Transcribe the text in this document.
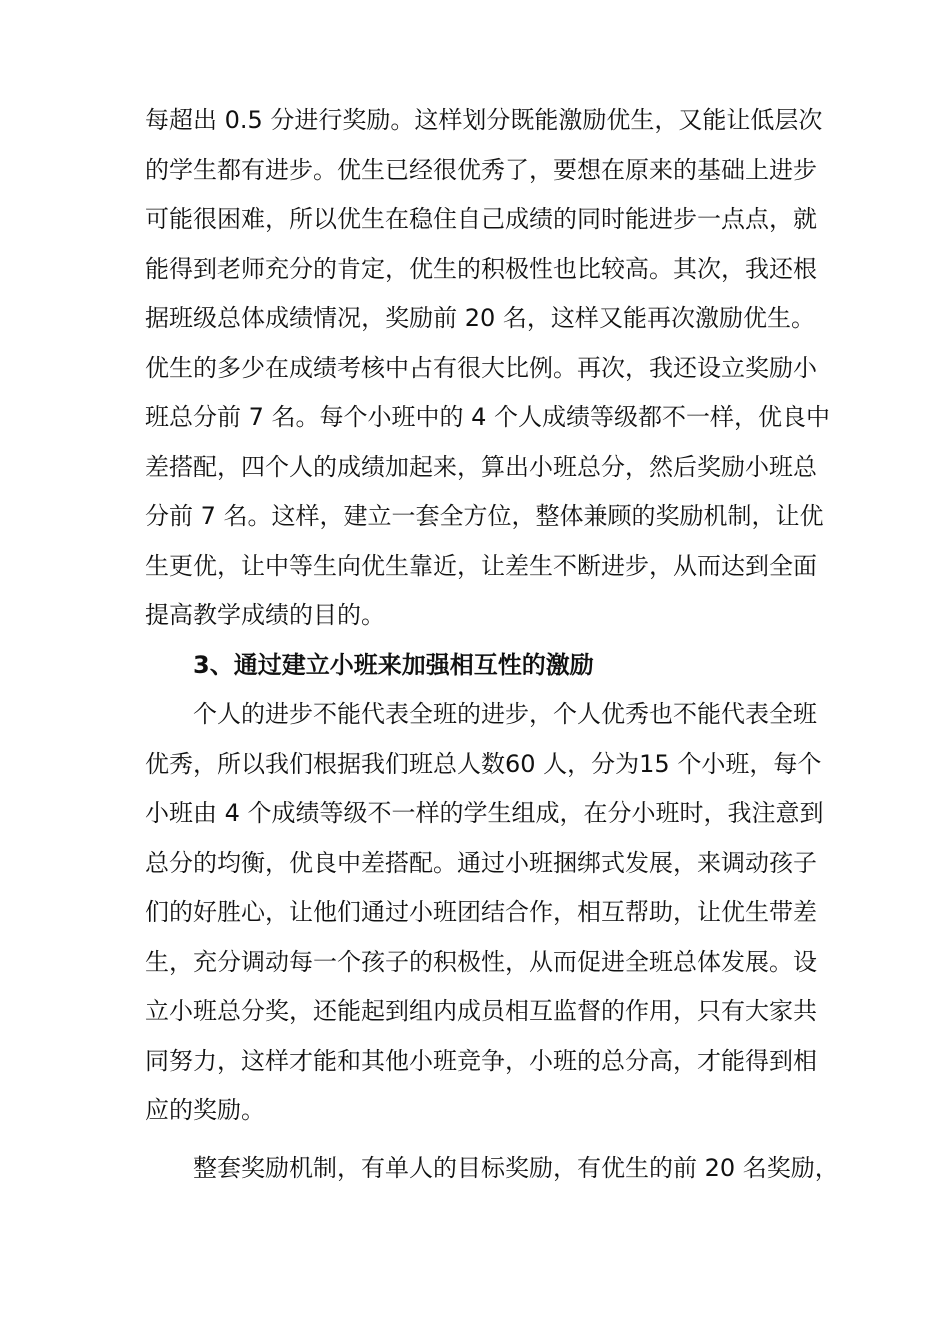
每超出 0.5 分进行奖励。这样划分既能激励优生，又能让低层次
的学生都有进步。优生已经很优秀了，要想在原来的基础上进步
可能很困难，所以优生在稳住自己成绩的同时能进步一点点，就
能得到老师充分的肯定，优生的积极性也比较高。其次，我还根
据班级总体成绩情况，奖励前 20 名，这样又能再次激励优生。
优生的多少在成绩考核中占有很大比例。再次，我还设立奖励小
班总分前 7 名。每个小班中的 4 个人成绩等级都不一样，优良中
差搭配，四个人的成绩加起来，算出小班总分，然后奖励小班总
分前 7 名。这样，建立一套全方位，整体兼顾的奖励机制，让优
生更优，让中等生向优生靠近，让差生不断进步，从而达到全面
提高教学成绩的目的。
3、通过建立小班来加强相互性的激励
个人的进步不能代表全班的进步，个人优秀也不能代表全班
优秀，所以我们根据我们班总人数60 人，分为15 个小班，每个
小班由 4 个成绩等级不一样的学生组成，在分小班时，我注意到
总分的均衡，优良中差搭配。通过小班捆绑式发展，来调动孩子
们的好胜心，让他们通过小班团结合作，相互帮助，让优生带差
生，充分调动每一个孩子的积极性，从而促进全班总体发展。设
立小班总分奖，还能起到组内成员相互监督的作用，只有大家共
同努力，这样才能和其他小班竞争，小班的总分高，才能得到相
应的奖励。
整套奖励机制，有单人的目标奖励，有优生的前 20 名奖励，
